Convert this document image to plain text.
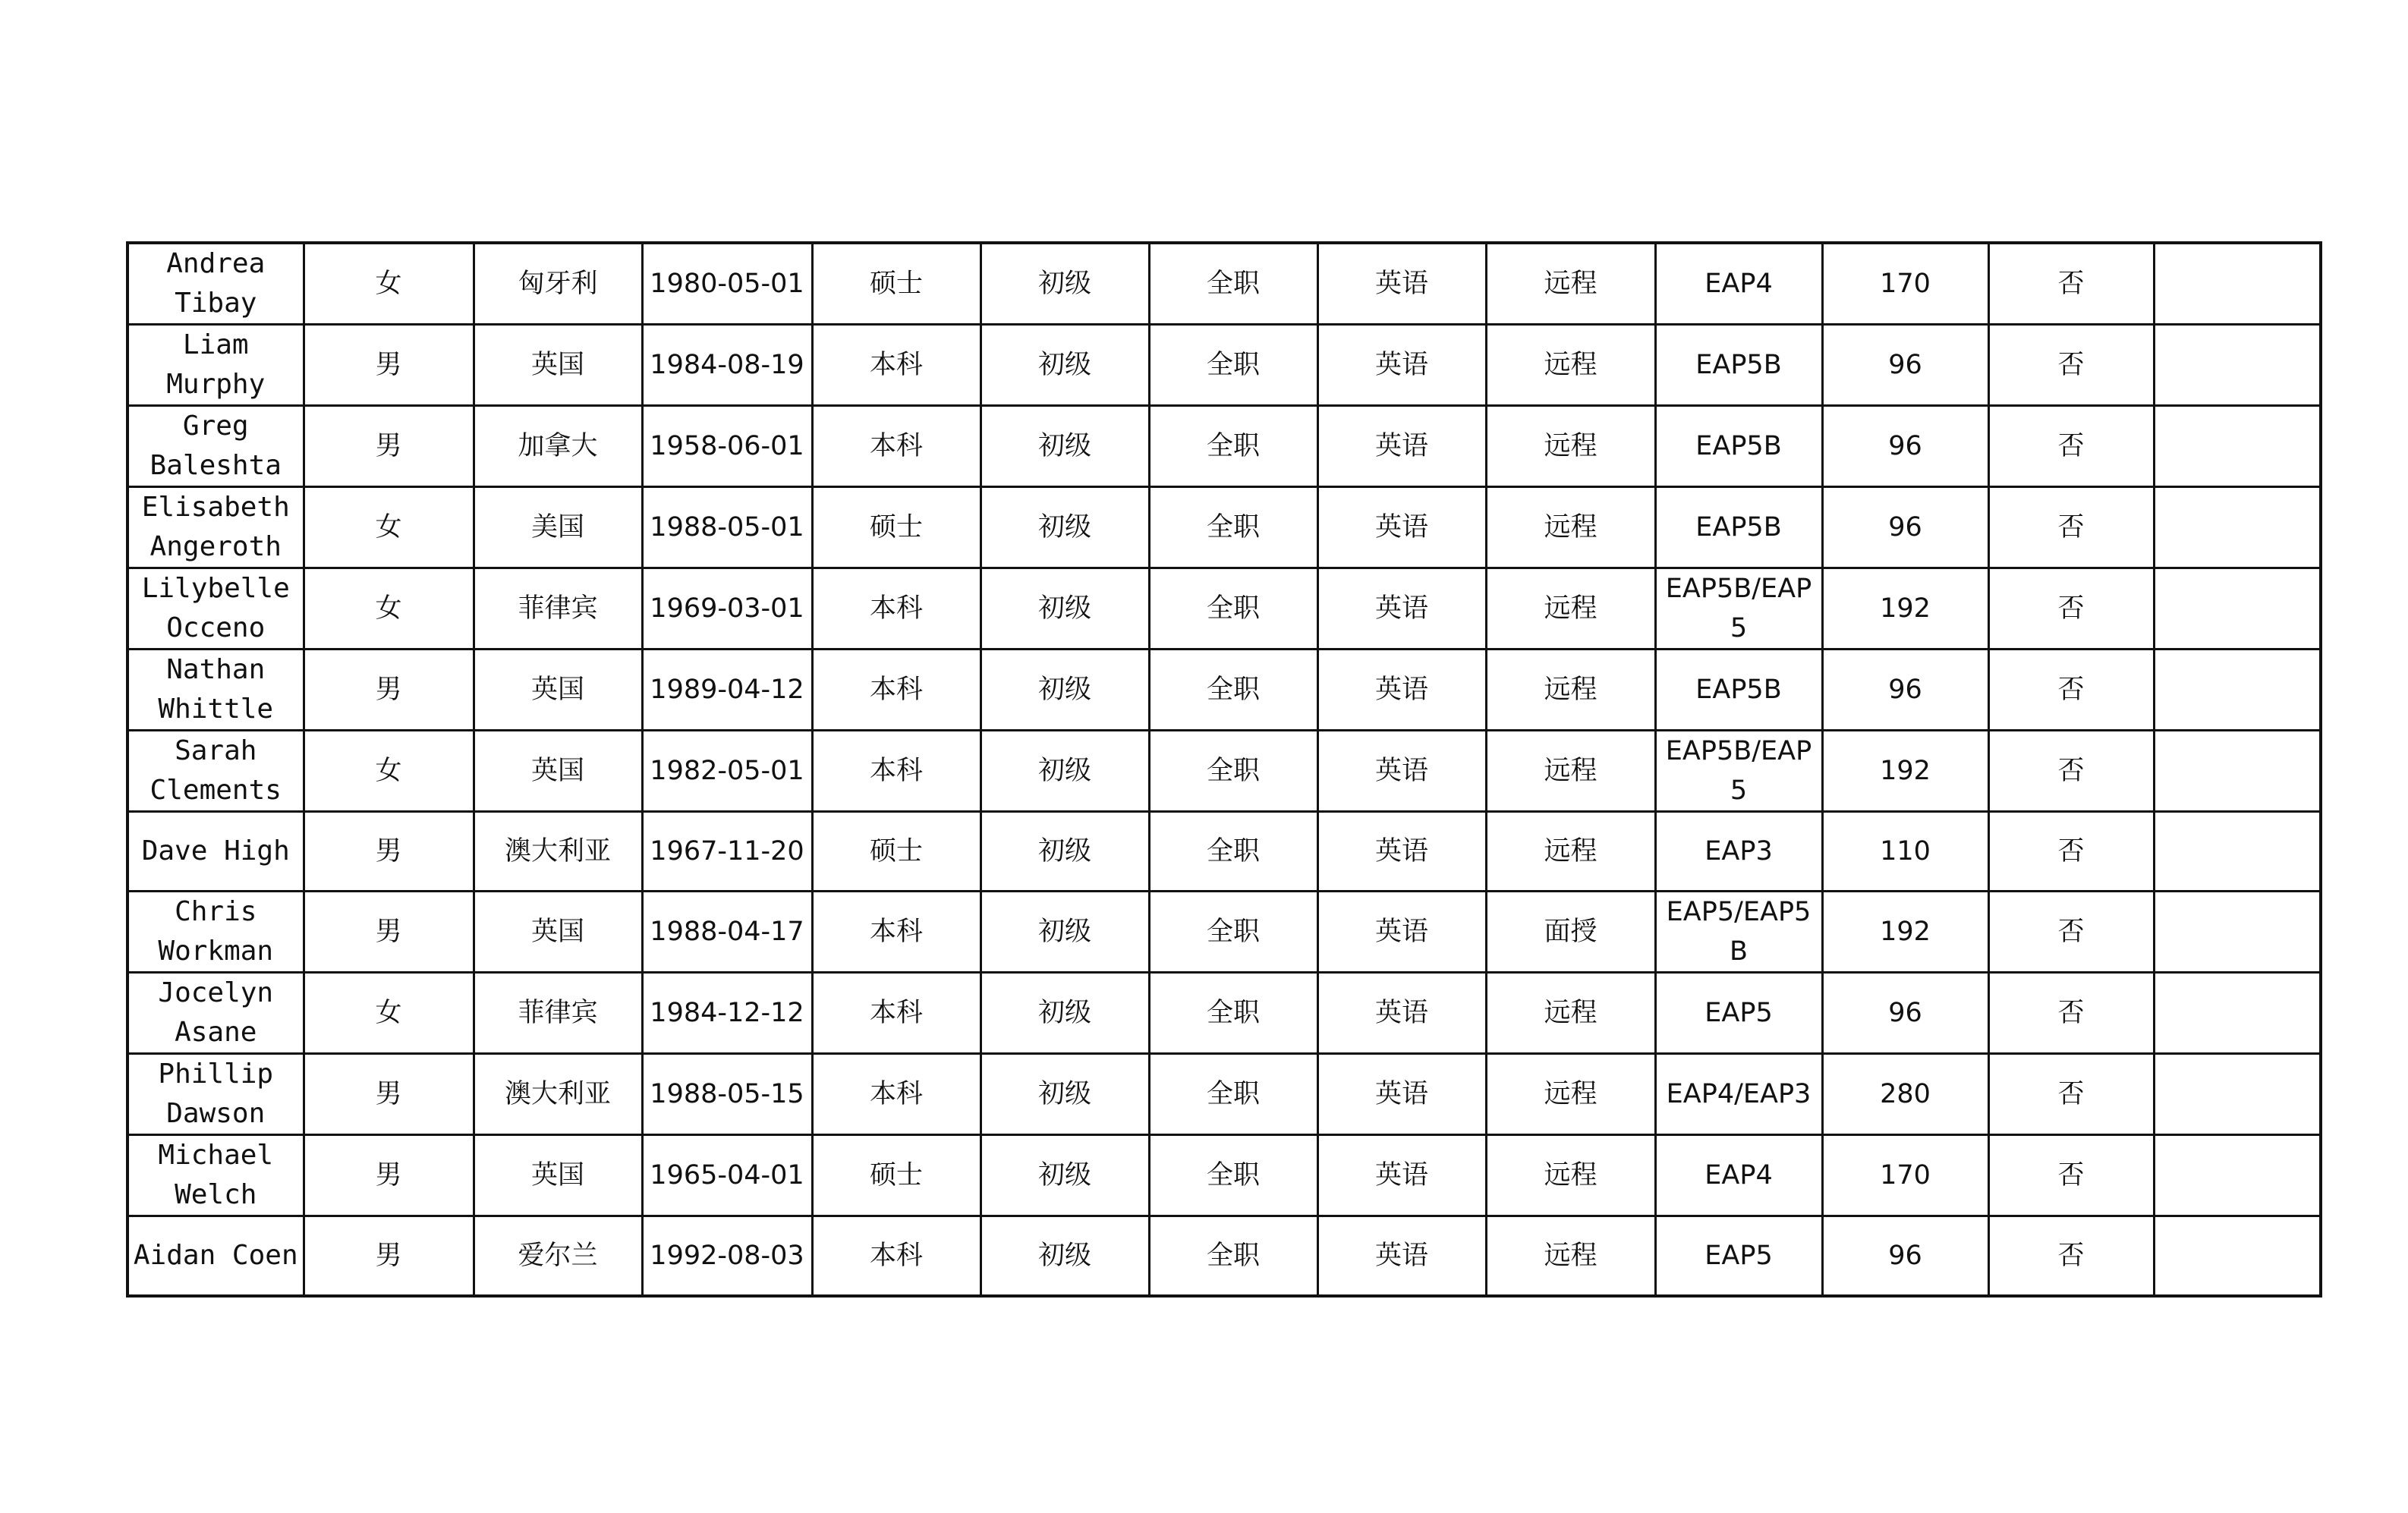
Andrea Tibay	女	匈牙利	1980-05-01	硕士	初级	全职	英语	远程	EAP4	170	否	
Liam Murphy	男	英国	1984-08-19	本科	初级	全职	英语	远程	EAP5B	96	否	
Greg Baleshta	男	加拿大	1958-06-01	本科	初级	全职	英语	远程	EAP5B	96	否	
Elisabeth Angeroth	女	美国	1988-05-01	硕士	初级	全职	英语	远程	EAP5B	96	否	
Lilybelle Occeno	女	菲律宾	1969-03-01	本科	初级	全职	英语	远程	EAP5B/EAP5	192	否	
Nathan Whittle	男	英国	1989-04-12	本科	初级	全职	英语	远程	EAP5B	96	否	
Sarah Clements	女	英国	1982-05-01	本科	初级	全职	英语	远程	EAP5B/EAP5	192	否	
Dave High	男	澳大利亚	1967-11-20	硕士	初级	全职	英语	远程	EAP3	110	否	
Chris Workman	男	英国	1988-04-17	本科	初级	全职	英语	面授	EAP5/EAP5B	192	否	
Jocelyn Asane	女	菲律宾	1984-12-12	本科	初级	全职	英语	远程	EAP5	96	否	
Phillip Dawson	男	澳大利亚	1988-05-15	本科	初级	全职	英语	远程	EAP4/EAP3	280	否	
Michael Welch	男	英国	1965-04-01	硕士	初级	全职	英语	远程	EAP4	170	否	
Aidan Coen	男	爱尔兰	1992-08-03	本科	初级	全职	英语	远程	EAP5	96	否	
